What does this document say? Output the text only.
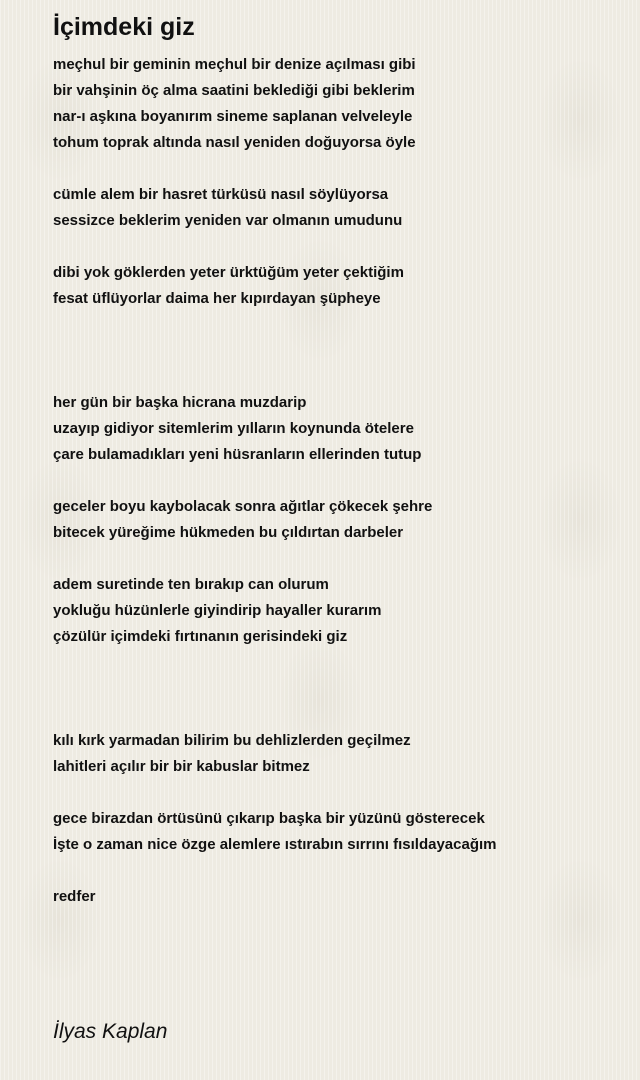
İçimdeki giz
meçhul bir geminin meçhul bir denize açılması gibi
bir vahşinin öç alma saatini beklediği gibi beklerim
nar-ı aşkına boyanırım sineme saplanan velveleyle
tohum toprak altında nasıl yeniden doğuyorsa öyle
cümle alem bir hasret türküsü nasıl söylüyorsa
sessizce beklerim yeniden var olmanın umudunu
dibi yok göklerden yeter ürktüğüm yeter çektiğim
fesat üflüyorlar daima her kıpırdayan şüpheye
her gün bir başka hicrana muzdarip
uzayıp gidiyor sitemlerim yılların koynunda ötelere
çare bulamadıkları yeni hüsranların ellerinden tutup
geceler boyu kaybolacak sonra ağıtlar çökecek şehre
bitecek yüreğime hükmeden bu çıldırtan darbeler
adem suretinde ten bırakıp can olurum
yokluğu hüzünlerle giyindirip hayaller kurarım
çözülür içimdeki fırtınanın gerisindeki giz
kılı kırk yarmadan bilirim bu dehlizlerden geçilmez
lahitleri açılır bir bir kabuslar bitmez
gece birazdan örtüsünü çıkarıp başka bir yüzünü gösterecek
İşte o zaman nice özge alemlere ıstırabın sırrını fısıldayacağım
redfer
İlyas Kaplan
